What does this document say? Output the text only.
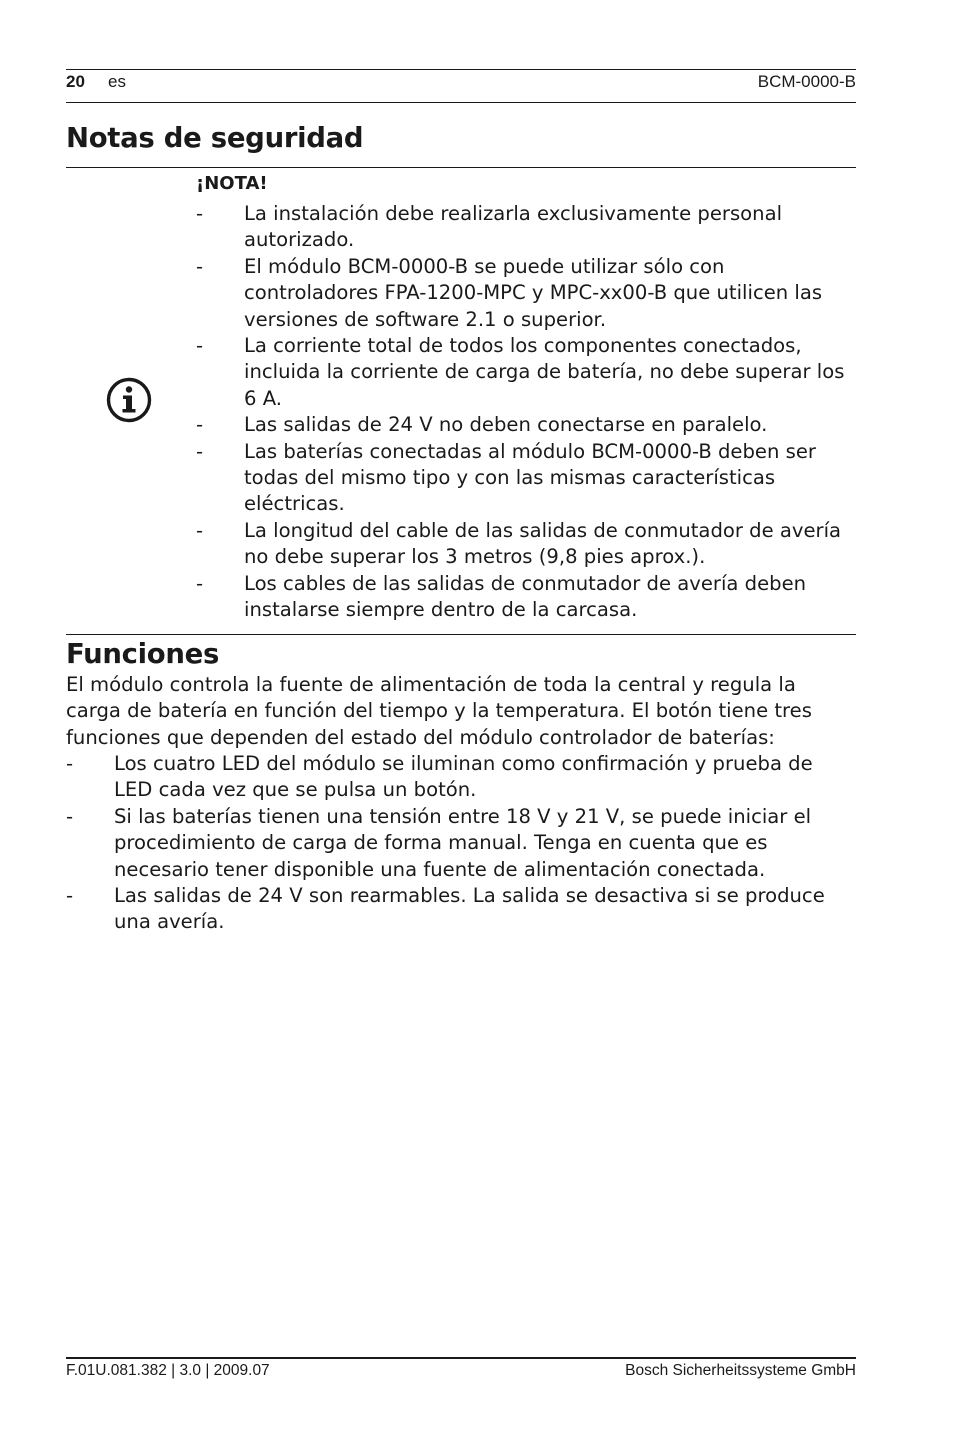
20 es	BCM-0000-B
Notas de seguridad
¡NOTA!
- La instalación debe realizarla exclusivamente personal autorizado.
- El módulo BCM-0000-B se puede utilizar sólo con controladores FPA-1200-MPC y MPC-xx00-B que utilicen las versiones de software 2.1 o superior.
- La corriente total de todos los componentes conectados, incluida la corriente de carga de batería, no debe superar los 6 A.
- Las salidas de 24 V no deben conectarse en paralelo.
- Las baterías conectadas al módulo BCM-0000-B deben ser todas del mismo tipo y con las mismas características eléctricas.
- La longitud del cable de las salidas de conmutador de avería no debe superar los 3 metros (9,8 pies aprox.).
- Los cables de las salidas de conmutador de avería deben instalarse siempre dentro de la carcasa.
Funciones

El módulo controla la fuente de alimentación de toda la central y regula la carga de batería en función del tiempo y la temperatura. El botón tiene tres funciones que dependen del estado del módulo controlador de baterías:

- Los cuatro LED del módulo se iluminan como confirmación y prueba de LED cada vez que se pulsa un botón.
- Si las baterías tienen una tensión entre 18 V y 21 V, se puede iniciar el procedimiento de carga de forma manual. Tenga en cuenta que es necesario tener disponible una fuente de alimentación conectada.
- Las salidas de 24 V son rearmables. La salida se desactiva si se produce una avería.
F.01U.081.382 | 3.0 | 2009.07	Bosch Sicherheitssysteme GmbH
